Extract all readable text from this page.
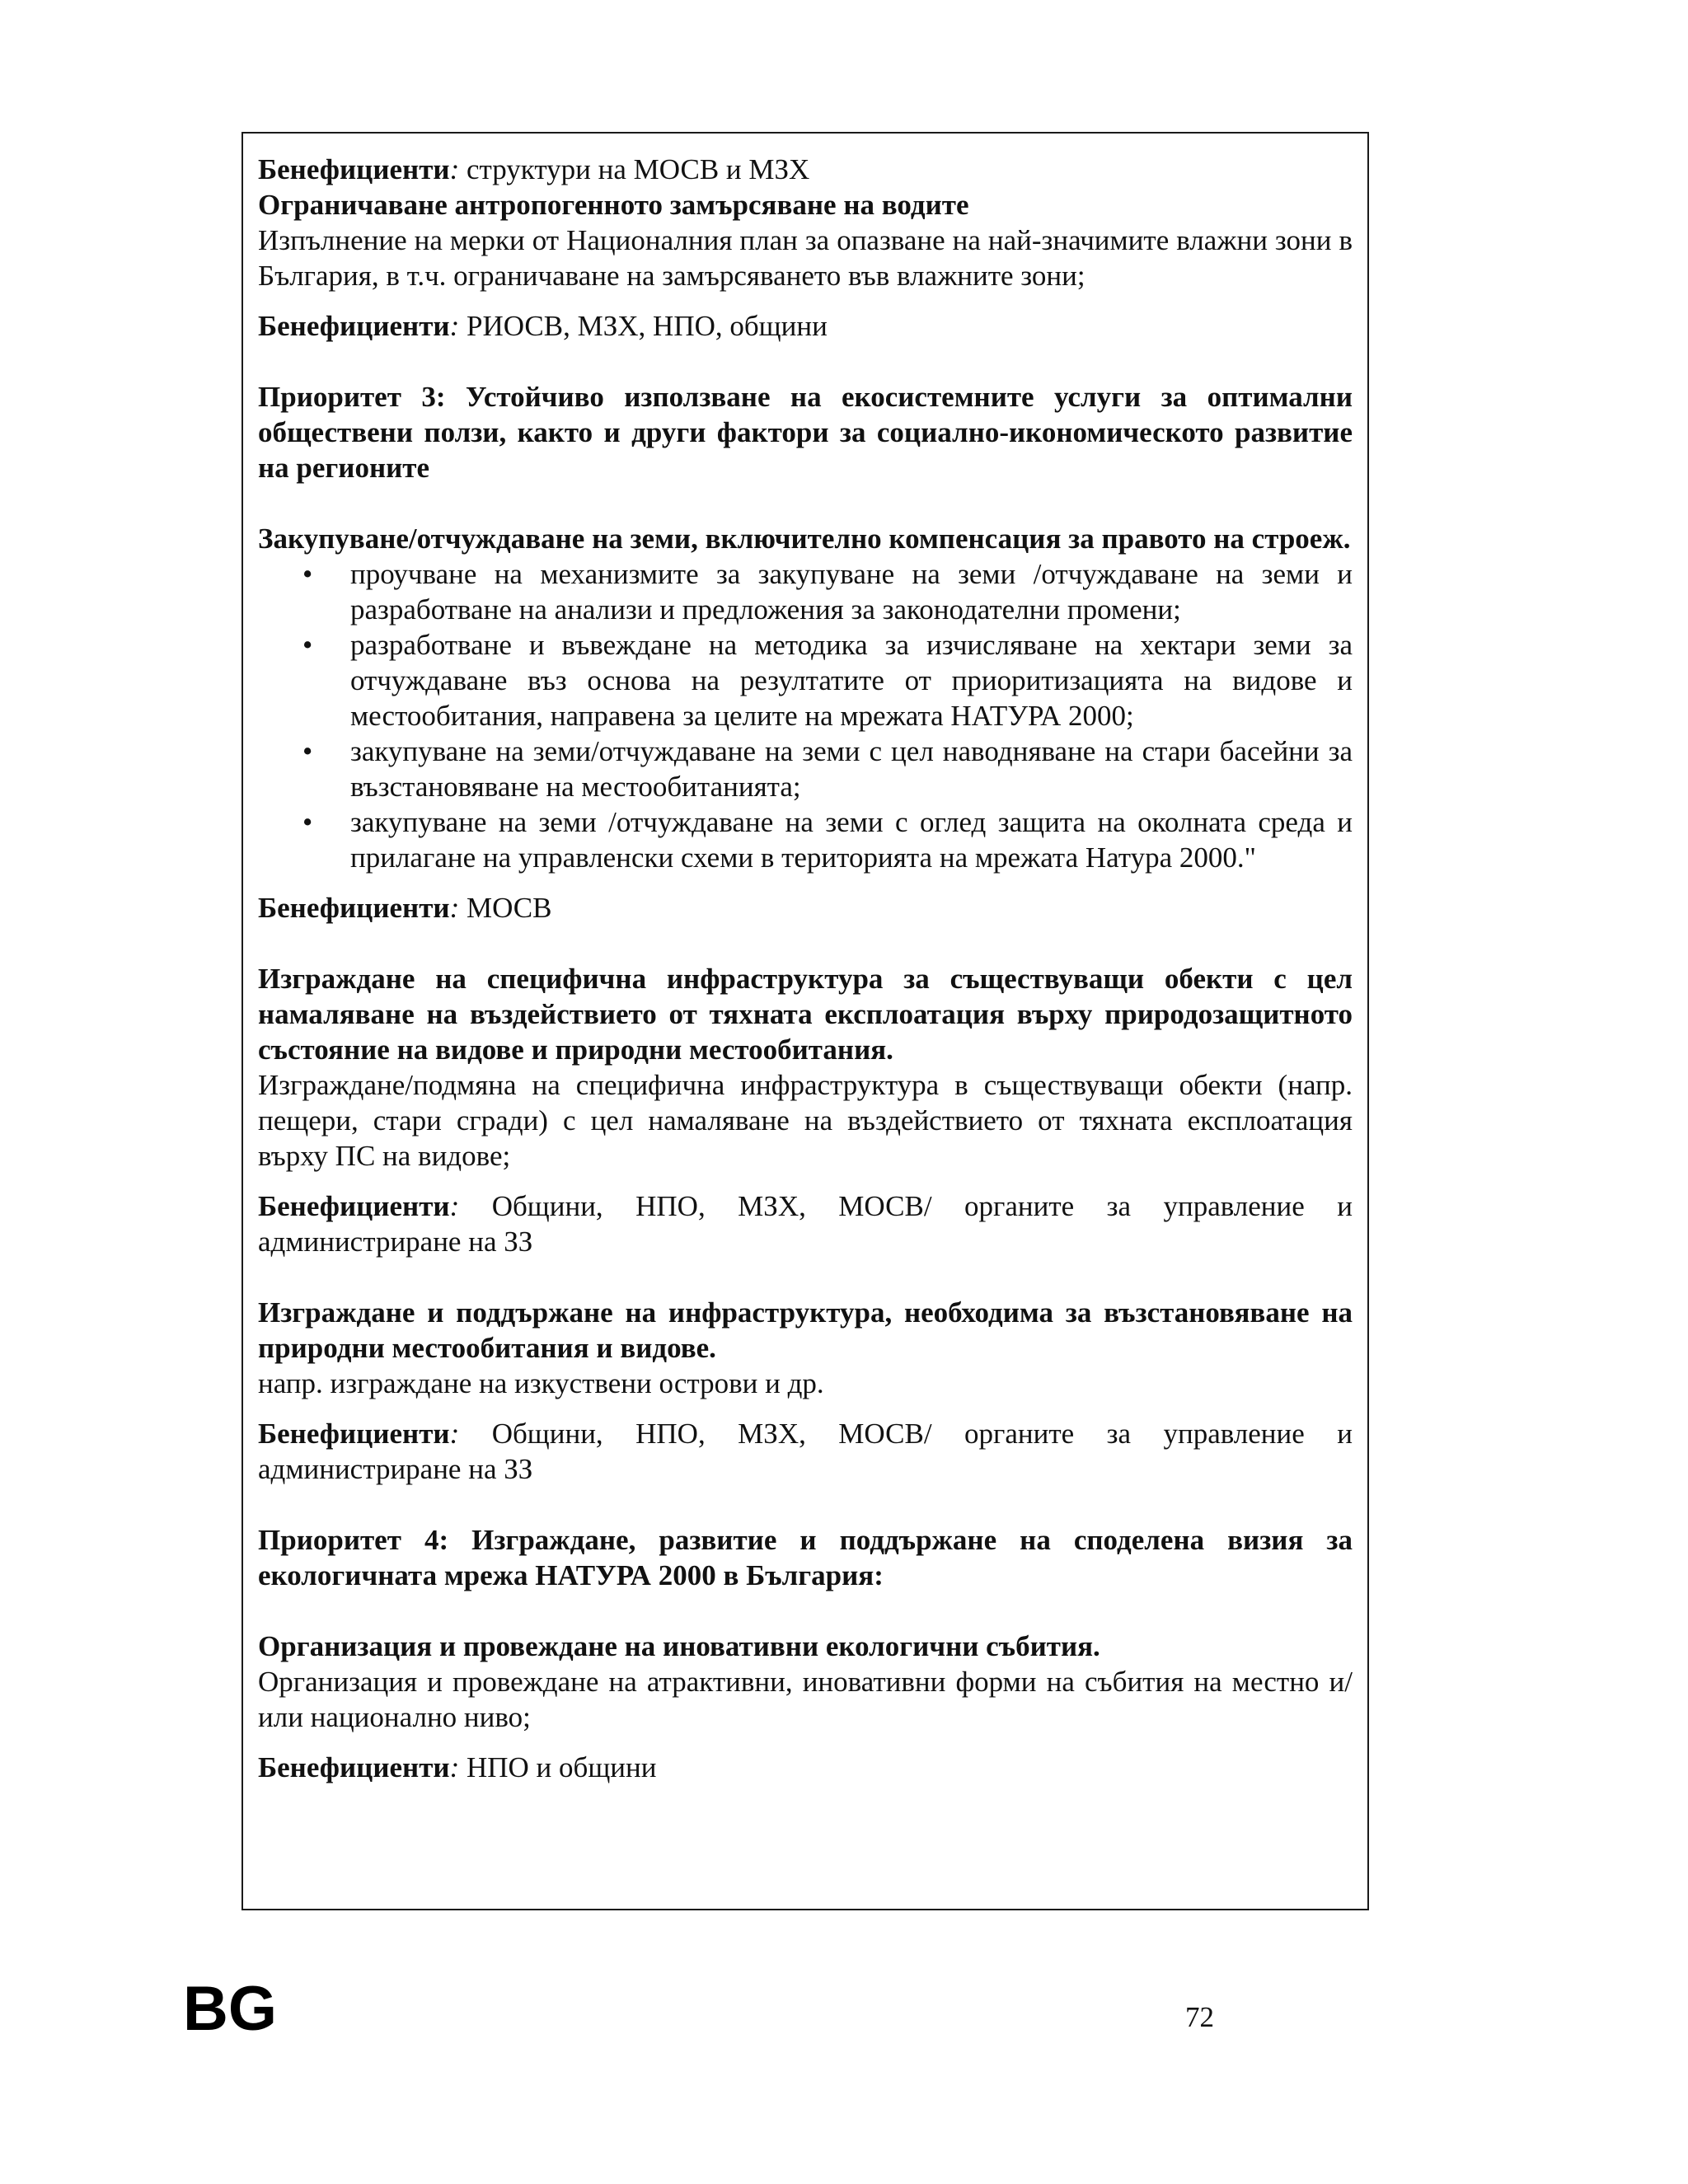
Бенефициенти: структури на МОСВ и МЗХ

Ограничаване антропогенното замърсяване на водите

Изпълнение на мерки от Националния план за опазване на най-значимите влажни зони в България, в т.ч. ограничаване на замърсяването във влажните зони;

Бенефициенти: РИОСВ, МЗХ, НПО, общини

Приоритет 3: Устойчиво използване на екосистемните услуги за оптимални обществени ползи, както и други фактори за социално-икономическото развитие на регионите

Закупуване/отчуждаване на земи, включително компенсация за правото на строеж.

• проучване на механизмите за закупуване на земи /отчуждаване на земи и разработване на анализи и предложения за законодателни промени;
• разработване и въвеждане на методика за изчисляване на хектари земи за отчуждаване въз основа на резултатите от приоритизацията на видове и местообитания, направена за целите на мрежата НАТУРА 2000;
• закупуване на земи/отчуждаване на земи с цел наводняване на стари басейни за възстановяване на местообитанията;
• закупуване на земи /отчуждаване на земи с оглед защита на околната среда и прилагане на управленски схеми в територията на мрежата Натура 2000."

Бенефициенти: МОСВ

Изграждане на специфична инфраструктура за съществуващи обекти с цел намаляване на въздействието от тяхната експлоатация върху природозащитното състояние на видове и природни местообитания.

Изграждане/подмяна на специфична инфраструктура в съществуващи обекти (напр. пещери, стари сгради) с цел намаляване на въздействието от тяхната експлоатация върху ПС на видове;

Бенефициенти: Общини, НПО, МЗХ, МОСВ/ органите за управление и администриране на ЗЗ

Изграждане и поддържане на инфраструктура, необходима за възстановяване на природни местообитания и видове.

напр. изграждане на изкуствени острови и др.

Бенефициенти: Общини, НПО, МЗХ, МОСВ/ органите за управление и администриране на ЗЗ

Приоритет 4: Изграждане, развитие и поддържане на споделена визия за екологичната мрежа НАТУРА 2000 в България:

Организация и провеждане на иновативни екологични събития.

Организация и провеждане на атрактивни, иновативни форми на събития на местно и/или национално ниво;

Бенефициенти: НПО и общини

BG	72
